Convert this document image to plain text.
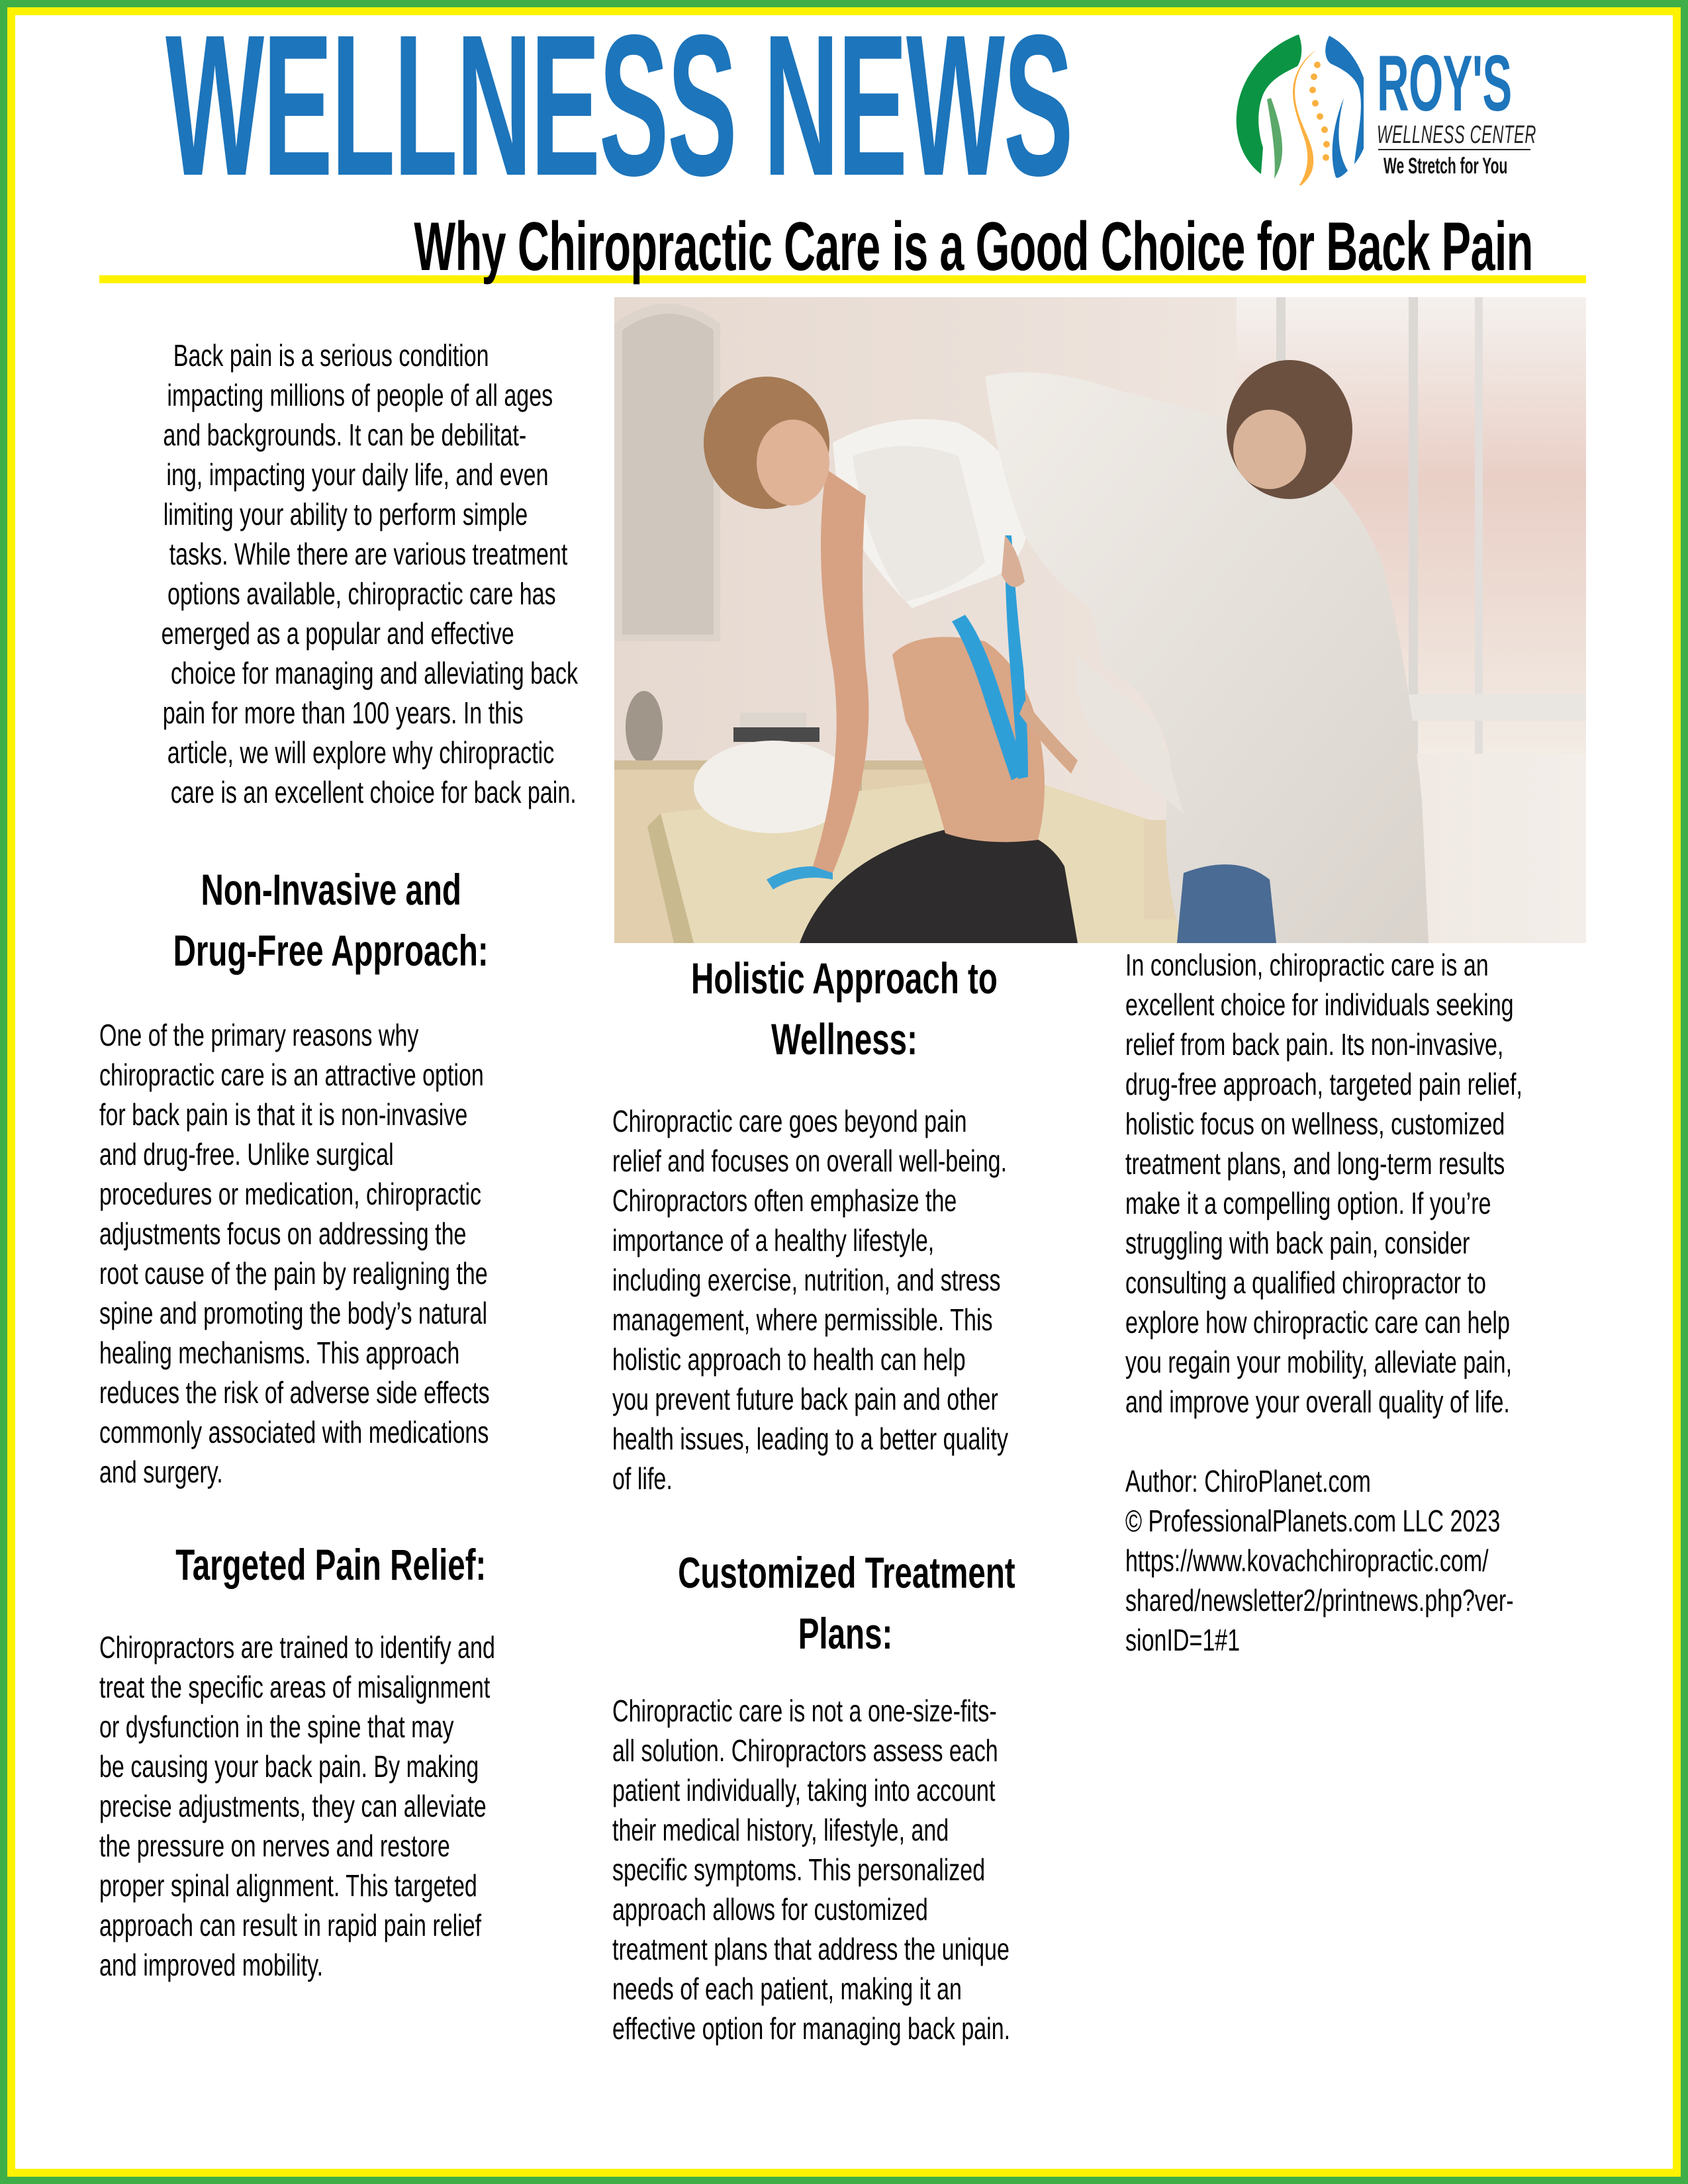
WELLNESS NEWS	ROY'S
WELLNESS CENTER
We Stretch for You
Why Chiropractic Care is a Good Choice for Back Pain
Back pain is a serious condition
impacting millions of people of all ages
and backgrounds. It can be debilitat-
ing, impacting your daily life, and even
limiting your ability to perform simple
tasks. While there are various treatment
options available, chiropractic care has
emerged as a popular and effective
choice for managing and alleviating back
pain for more than 100 years. In this
article, we will explore why chiropractic
care is an excellent choice for back pain.
Non-Invasive and
Drug-Free Approach:
One of the primary reasons why
chiropractic care is an attractive option
for back pain is that it is non-invasive
and drug-free. Unlike surgical
procedures or medication, chiropractic
adjustments focus on addressing the
root cause of the pain by realigning the
spine and promoting the body’s natural
healing mechanisms. This approach
reduces the risk of adverse side effects
commonly associated with medications
and surgery.
Targeted Pain Relief:
Chiropractors are trained to identify and
treat the specific areas of misalignment
or dysfunction in the spine that may
be causing your back pain. By making
precise adjustments, they can alleviate
the pressure on nerves and restore
proper spinal alignment. This targeted
approach can result in rapid pain relief
and improved mobility.
Holistic Approach to
Wellness:
Chiropractic care goes beyond pain
relief and focuses on overall well-being.
Chiropractors often emphasize the
importance of a healthy lifestyle,
including exercise, nutrition, and stress
management, where permissible. This
holistic approach to health can help
you prevent future back pain and other
health issues, leading to a better quality
of life.
Customized Treatment
Plans:
Chiropractic care is not a one-size-fits-
all solution. Chiropractors assess each
patient individually, taking into account
their medical history, lifestyle, and
specific symptoms. This personalized
approach allows for customized
treatment plans that address the unique
needs of each patient, making it an
effective option for managing back pain.
In conclusion, chiropractic care is an
excellent choice for individuals seeking
relief from back pain. Its non-invasive,
drug-free approach, targeted pain relief,
holistic focus on wellness, customized
treatment plans, and long-term results
make it a compelling option. If you’re
struggling with back pain, consider
consulting a qualified chiropractor to
explore how chiropractic care can help
you regain your mobility, alleviate pain,
and improve your overall quality of life.
Author: ChiroPlanet.com
© ProfessionalPlanets.com LLC 2023
https://www.kovachchiropractic.com/
shared/newsletter2/printnews.php?ver-
sionID=1#1
